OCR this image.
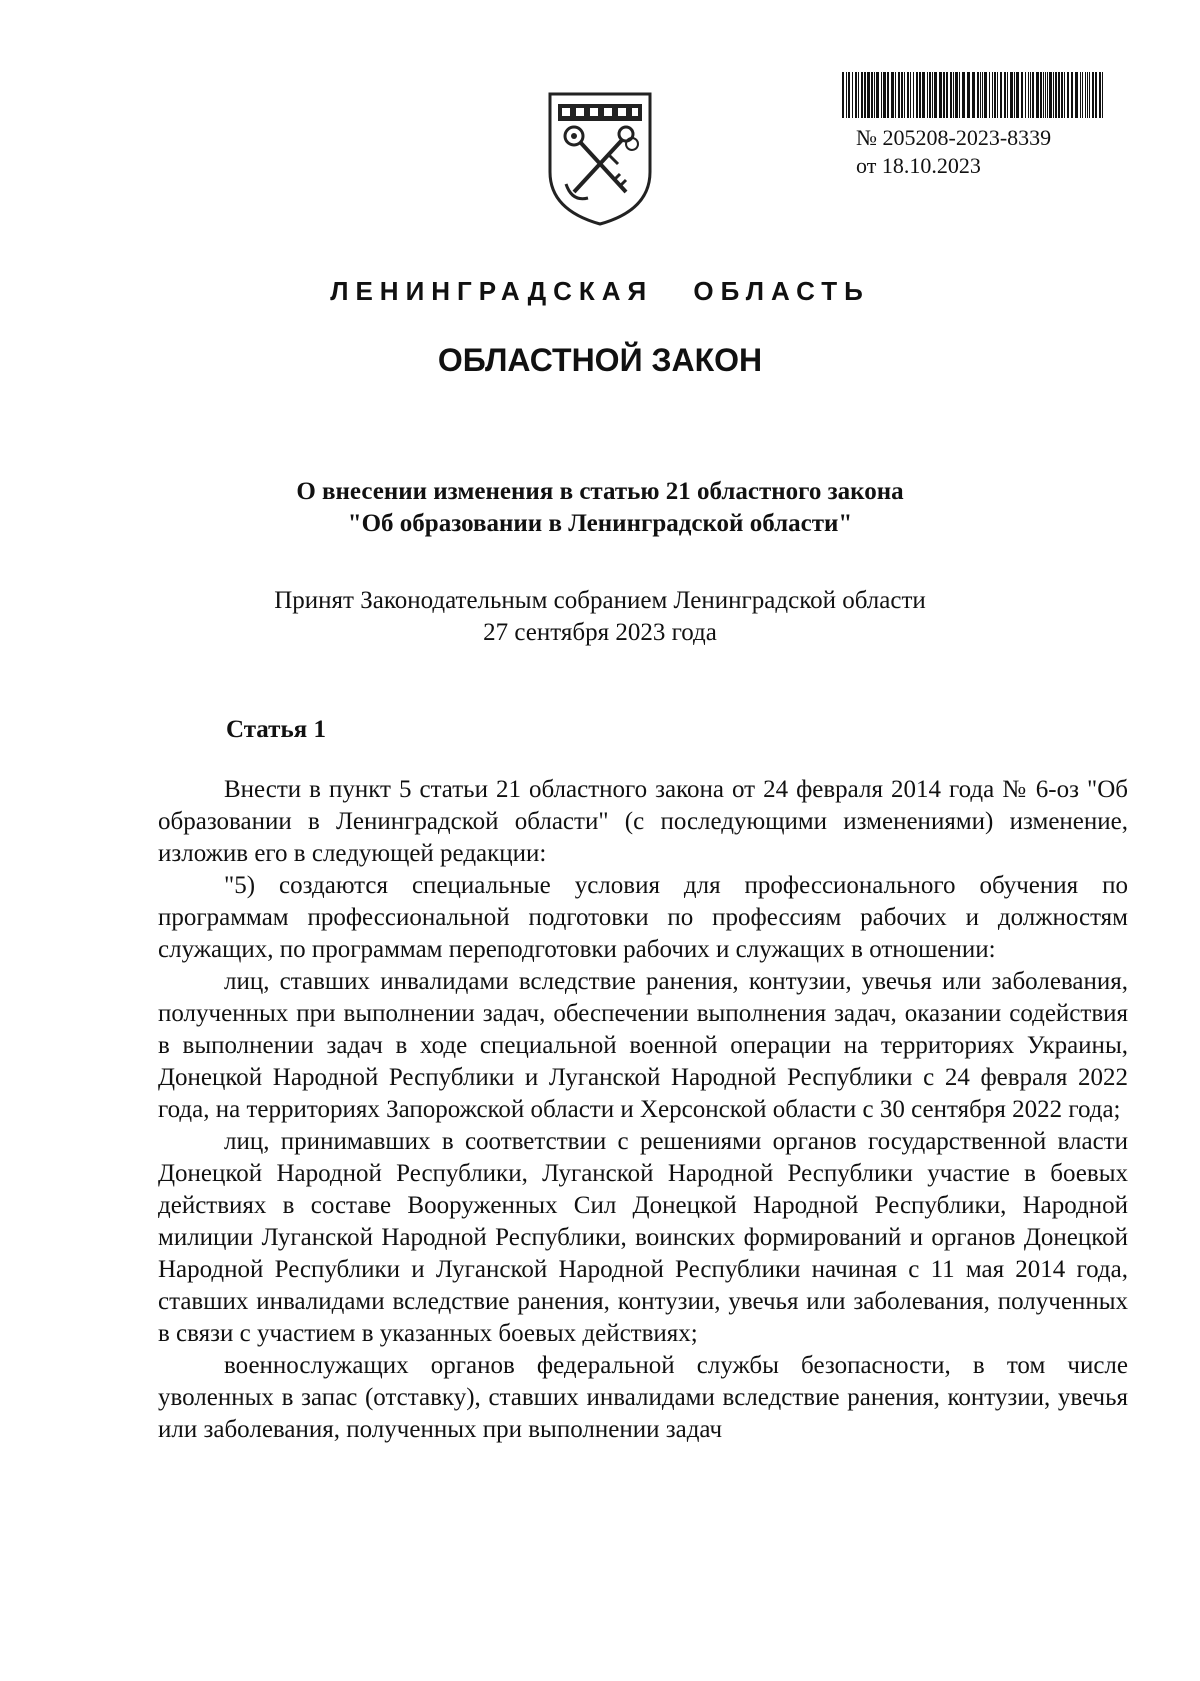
№ 205208-2023-8339
от 18.10.2023
ЛЕНИНГРАДСКАЯ ОБЛАСТЬ
ОБЛАСТНОЙ ЗАКОН
О внесении изменения в статью 21 областного закона
"Об образовании в Ленинградской области"
Принят Законодательным собранием Ленинградской области
27 сентября 2023 года
Статья 1

Внести в пункт 5 статьи 21 областного закона от 24 февраля 2014 года № 6-оз "Об образовании в Ленинградской области" (с последующими изменениями) изменение, изложив его в следующей редакции:

"5) создаются специальные условия для профессионального обучения по программам профессиональной подготовки по профессиям рабочих и должностям служащих, по программам переподготовки рабочих и служащих в отношении:

лиц, ставших инвалидами вследствие ранения, контузии, увечья или заболевания, полученных при выполнении задач, обеспечении выполнения задач, оказании содействия в выполнении задач в ходе специальной военной операции на территориях Украины, Донецкой Народной Республики и Луганской Народной Республики с 24 февраля 2022 года, на территориях Запорожской области и Херсонской области с 30 сентября 2022 года;

лиц, принимавших в соответствии с решениями органов государственной власти Донецкой Народной Республики, Луганской Народной Республики участие в боевых действиях в составе Вооруженных Сил Донецкой Народной Республики, Народной милиции Луганской Народной Республики, воинских формирований и органов Донецкой Народной Республики и Луганской Народной Республики начиная с 11 мая 2014 года, ставших инвалидами вследствие ранения, контузии, увечья или заболевания, полученных в связи с участием в указанных боевых действиях;

военнослужащих органов федеральной службы безопасности, в том числе уволенных в запас (отставку), ставших инвалидами вследствие ранения, контузии, увечья или заболевания, полученных при выполнении задач
